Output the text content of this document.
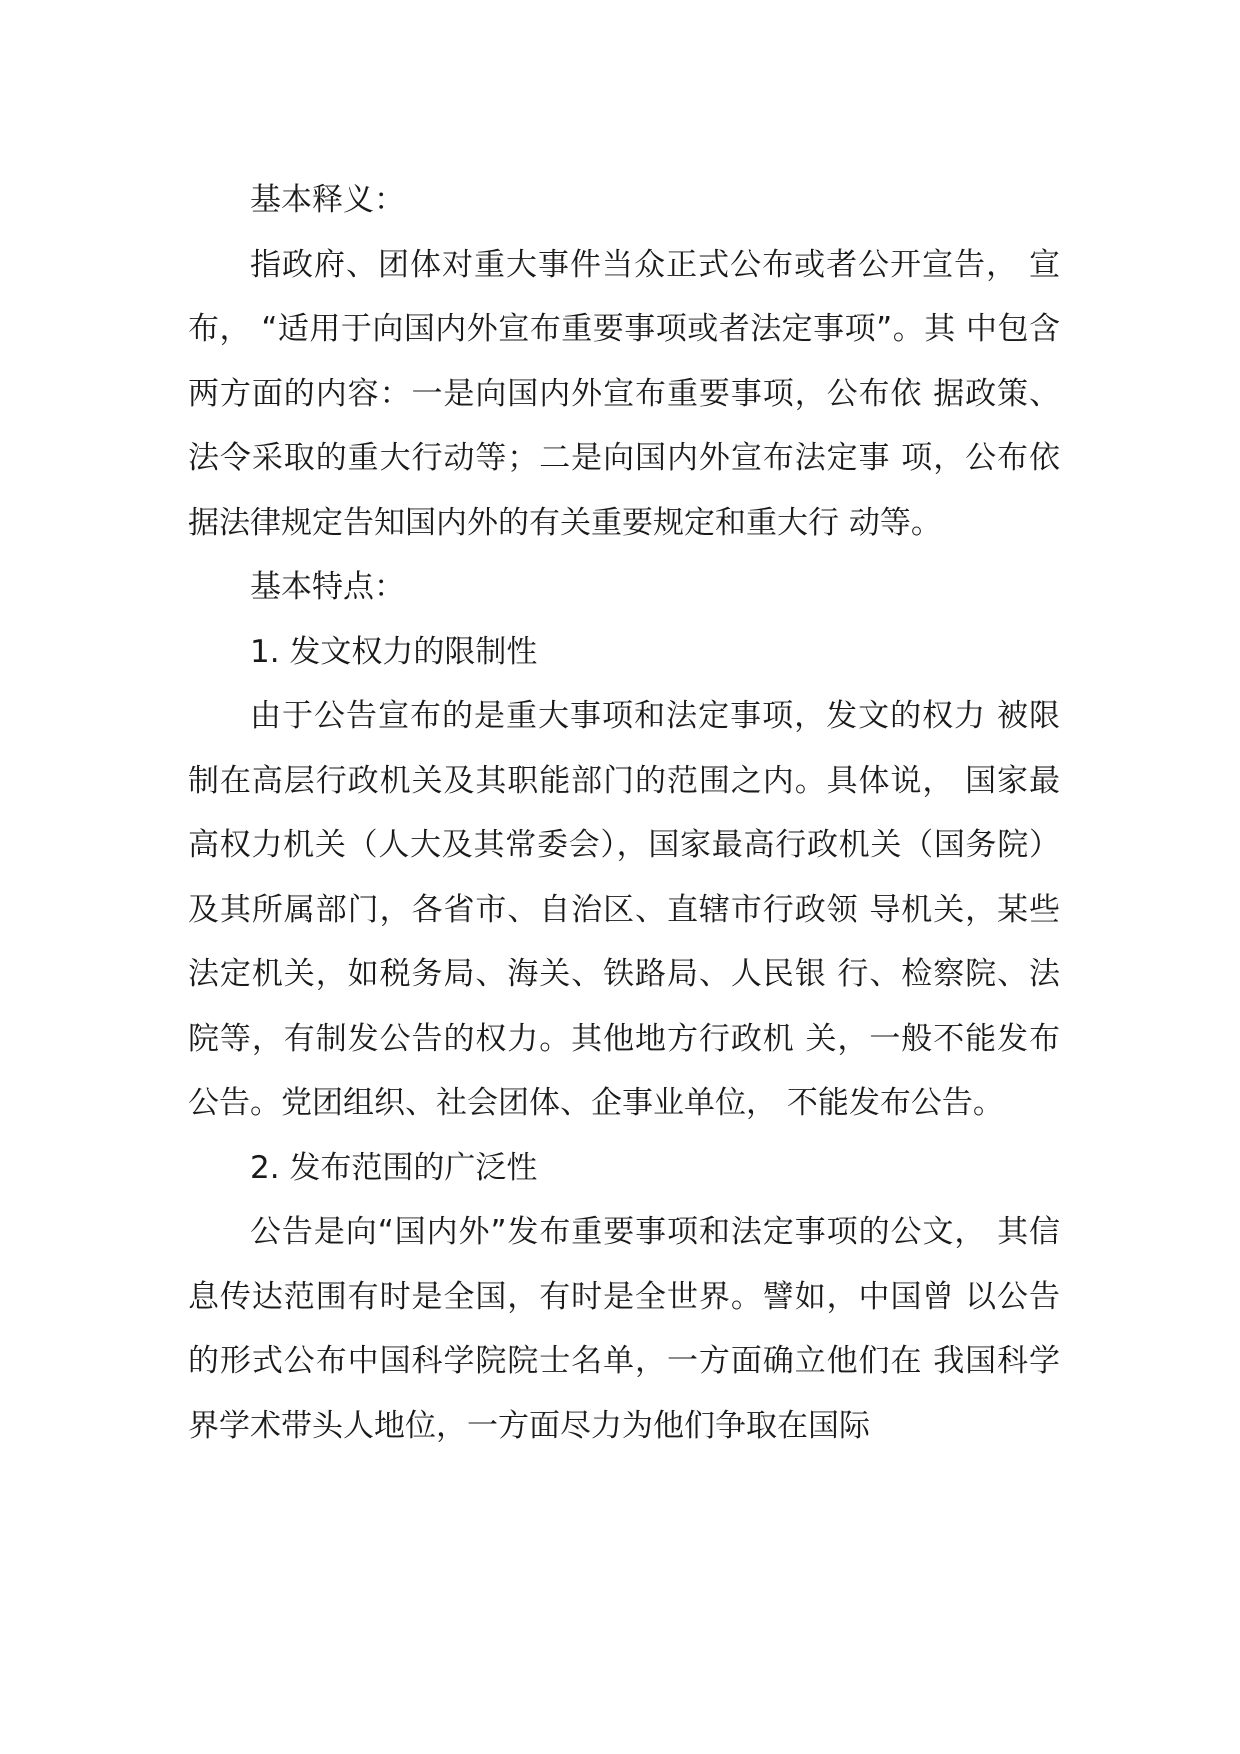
基本释义：

指政府、团体对重大事件当众正式公布或者公开宣告， 宣布， “适用于向国内外宣布重要事项或者法定事项”。其 中包含两方面的内容：一是向国内外宣布重要事项，公布依 据政策、法令采取的重大行动等；二是向国内外宣布法定事 项，公布依据法律规定告知国内外的有关重要规定和重大行 动等。

基本特点：

1. 发文权力的限制性

由于公告宣布的是重大事项和法定事项，发文的权力 被限制在高层行政机关及其职能部门的范围之内。具体说， 国家最高权力机关（人大及其常委会），国家最高行政机关（国务院）及其所属部门，各省市、自治区、直辖市行政领 导机关，某些法定机关，如税务局、海关、铁路局、人民银 行、检察院、法院等，有制发公告的权力。其他地方行政机 关，一般不能发布公告。党团组织、社会团体、企事业单位， 不能发布公告。

2. 发布范围的广泛性

公告是向“国内外”发布重要事项和法定事项的公文， 其信息传达范围有时是全国，有时是全世界。譬如，中国曾 以公告的形式公布中国科学院院士名单，一方面确立他们在 我国科学界学术带头人地位，一方面尽力为他们争取在国际
